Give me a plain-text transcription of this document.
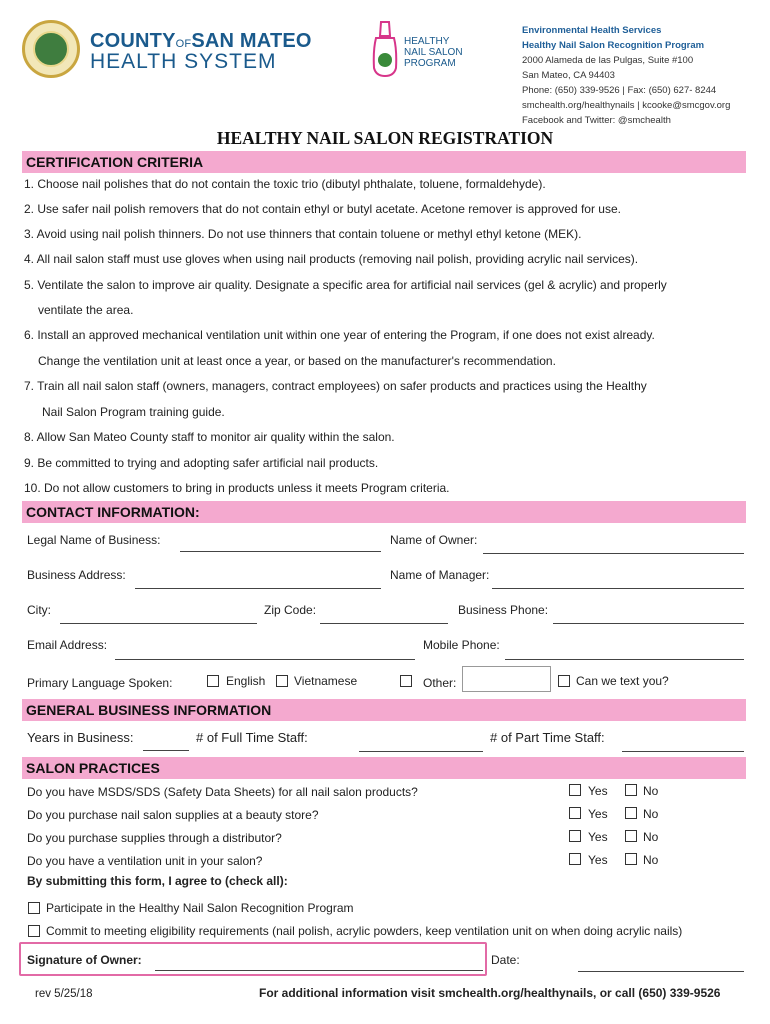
COUNTYOFSAN MATEO
HEALTH SYSTEM
HEALTHY
NAIL SALON
PROGRAM
Environmental Health Services
Healthy Nail Salon Recognition Program
2000 Alameda de las Pulgas, Suite #100
San Mateo, CA 94403
Phone: (650) 339-9526 | Fax: (650) 627- 8244
smchealth.org/healthynails | kcooke@smcgov.org
Facebook and Twitter: @smchealth
HEALTHY NAIL SALON REGISTRATION
CERTIFICATION CRITERIA
1. Choose nail polishes that do not contain the toxic trio (dibutyl phthalate, toluene, formaldehyde).
2. Use safer nail polish removers that do not contain ethyl or butyl acetate. Acetone remover is approved for use.
3. Avoid using nail polish thinners. Do not use thinners that contain toluene or methyl ethyl ketone (MEK).
4. All nail salon staff must use gloves when using nail products (removing nail polish, providing acrylic nail services).
5. Ventilate the salon to improve air quality. Designate a specific area for artificial nail services (gel & acrylic) and properly
ventilate the area.
6. Install an approved mechanical ventilation unit within one year of entering the Program, if one does not exist already.
Change the ventilation unit at least once a year, or based on the manufacturer's recommendation.
7. Train all nail salon staff (owners, managers, contract employees) on safer products and practices using the Healthy
Nail Salon Program training guide.
8. Allow San Mateo County staff to monitor air quality within the salon.
9. Be committed to trying and adopting safer artificial nail products.
10. Do not allow customers to bring in products unless it meets Program criteria.
CONTACT INFORMATION:
Legal Name of Business:	Name of Owner:
Business Address:	Name of Manager:
City:	Zip Code:	Business Phone:
Email Address:	Mobile Phone:
Primary Language Spoken:	English Vietnamese	Other:	Can we text you?
GENERAL BUSINESS INFORMATION
Years in Business:	# of Full Time Staff:	# of Part Time Staff:
SALON PRACTICES
Do you have MSDS/SDS (Safety Data Sheets) for all nail salon products?	Yes	No
Do you purchase nail salon supplies at a beauty store?	Yes	No
Do you purchase supplies through a distributor?	Yes	No
Do you have a ventilation unit in your salon?	Yes	No
By submitting this form, I agree to (check all):
Participate in the Healthy Nail Salon Recognition Program
Commit to meeting eligibility requirements (nail polish, acrylic powders, keep ventilation unit on when doing acrylic nails)
Signature of Owner:	Date:
rev 5/25/18	For additional information visit smchealth.org/healthynails, or call (650) 339-9526
